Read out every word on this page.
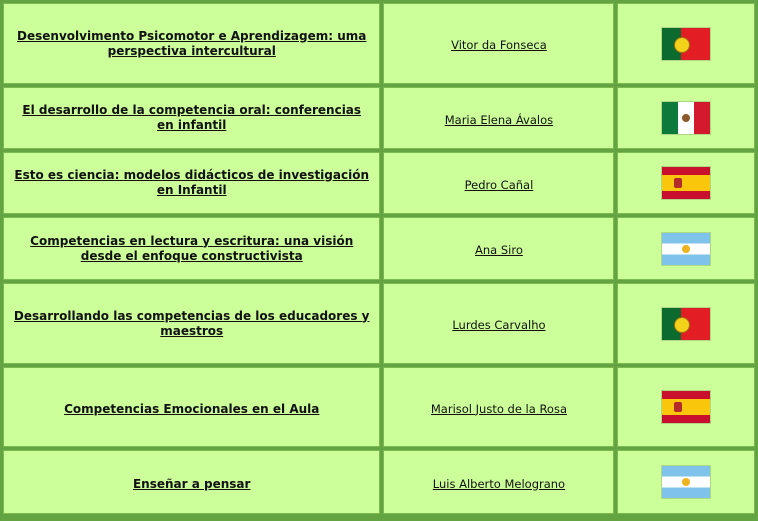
Desenvolvimento Psicomotor e Aprendizagem: uma perspectiva intercultural	Vitor da Fonseca	

El desarrollo de la competencia oral: conferencias en infantil	Maria Elena Ávalos	

Esto es ciencia: modelos didácticos de investigación en Infantil	Pedro Cañal	

Competencias en lectura y escritura: una visión desde el enfoque constructivista	Ana Siro	

Desarrollando las competencias de los educadores y maestros	Lurdes Carvalho	

Competencias Emocionales en el Aula	Marisol Justo de la Rosa	

Enseñar a pensar	Luis Alberto Melograno	
